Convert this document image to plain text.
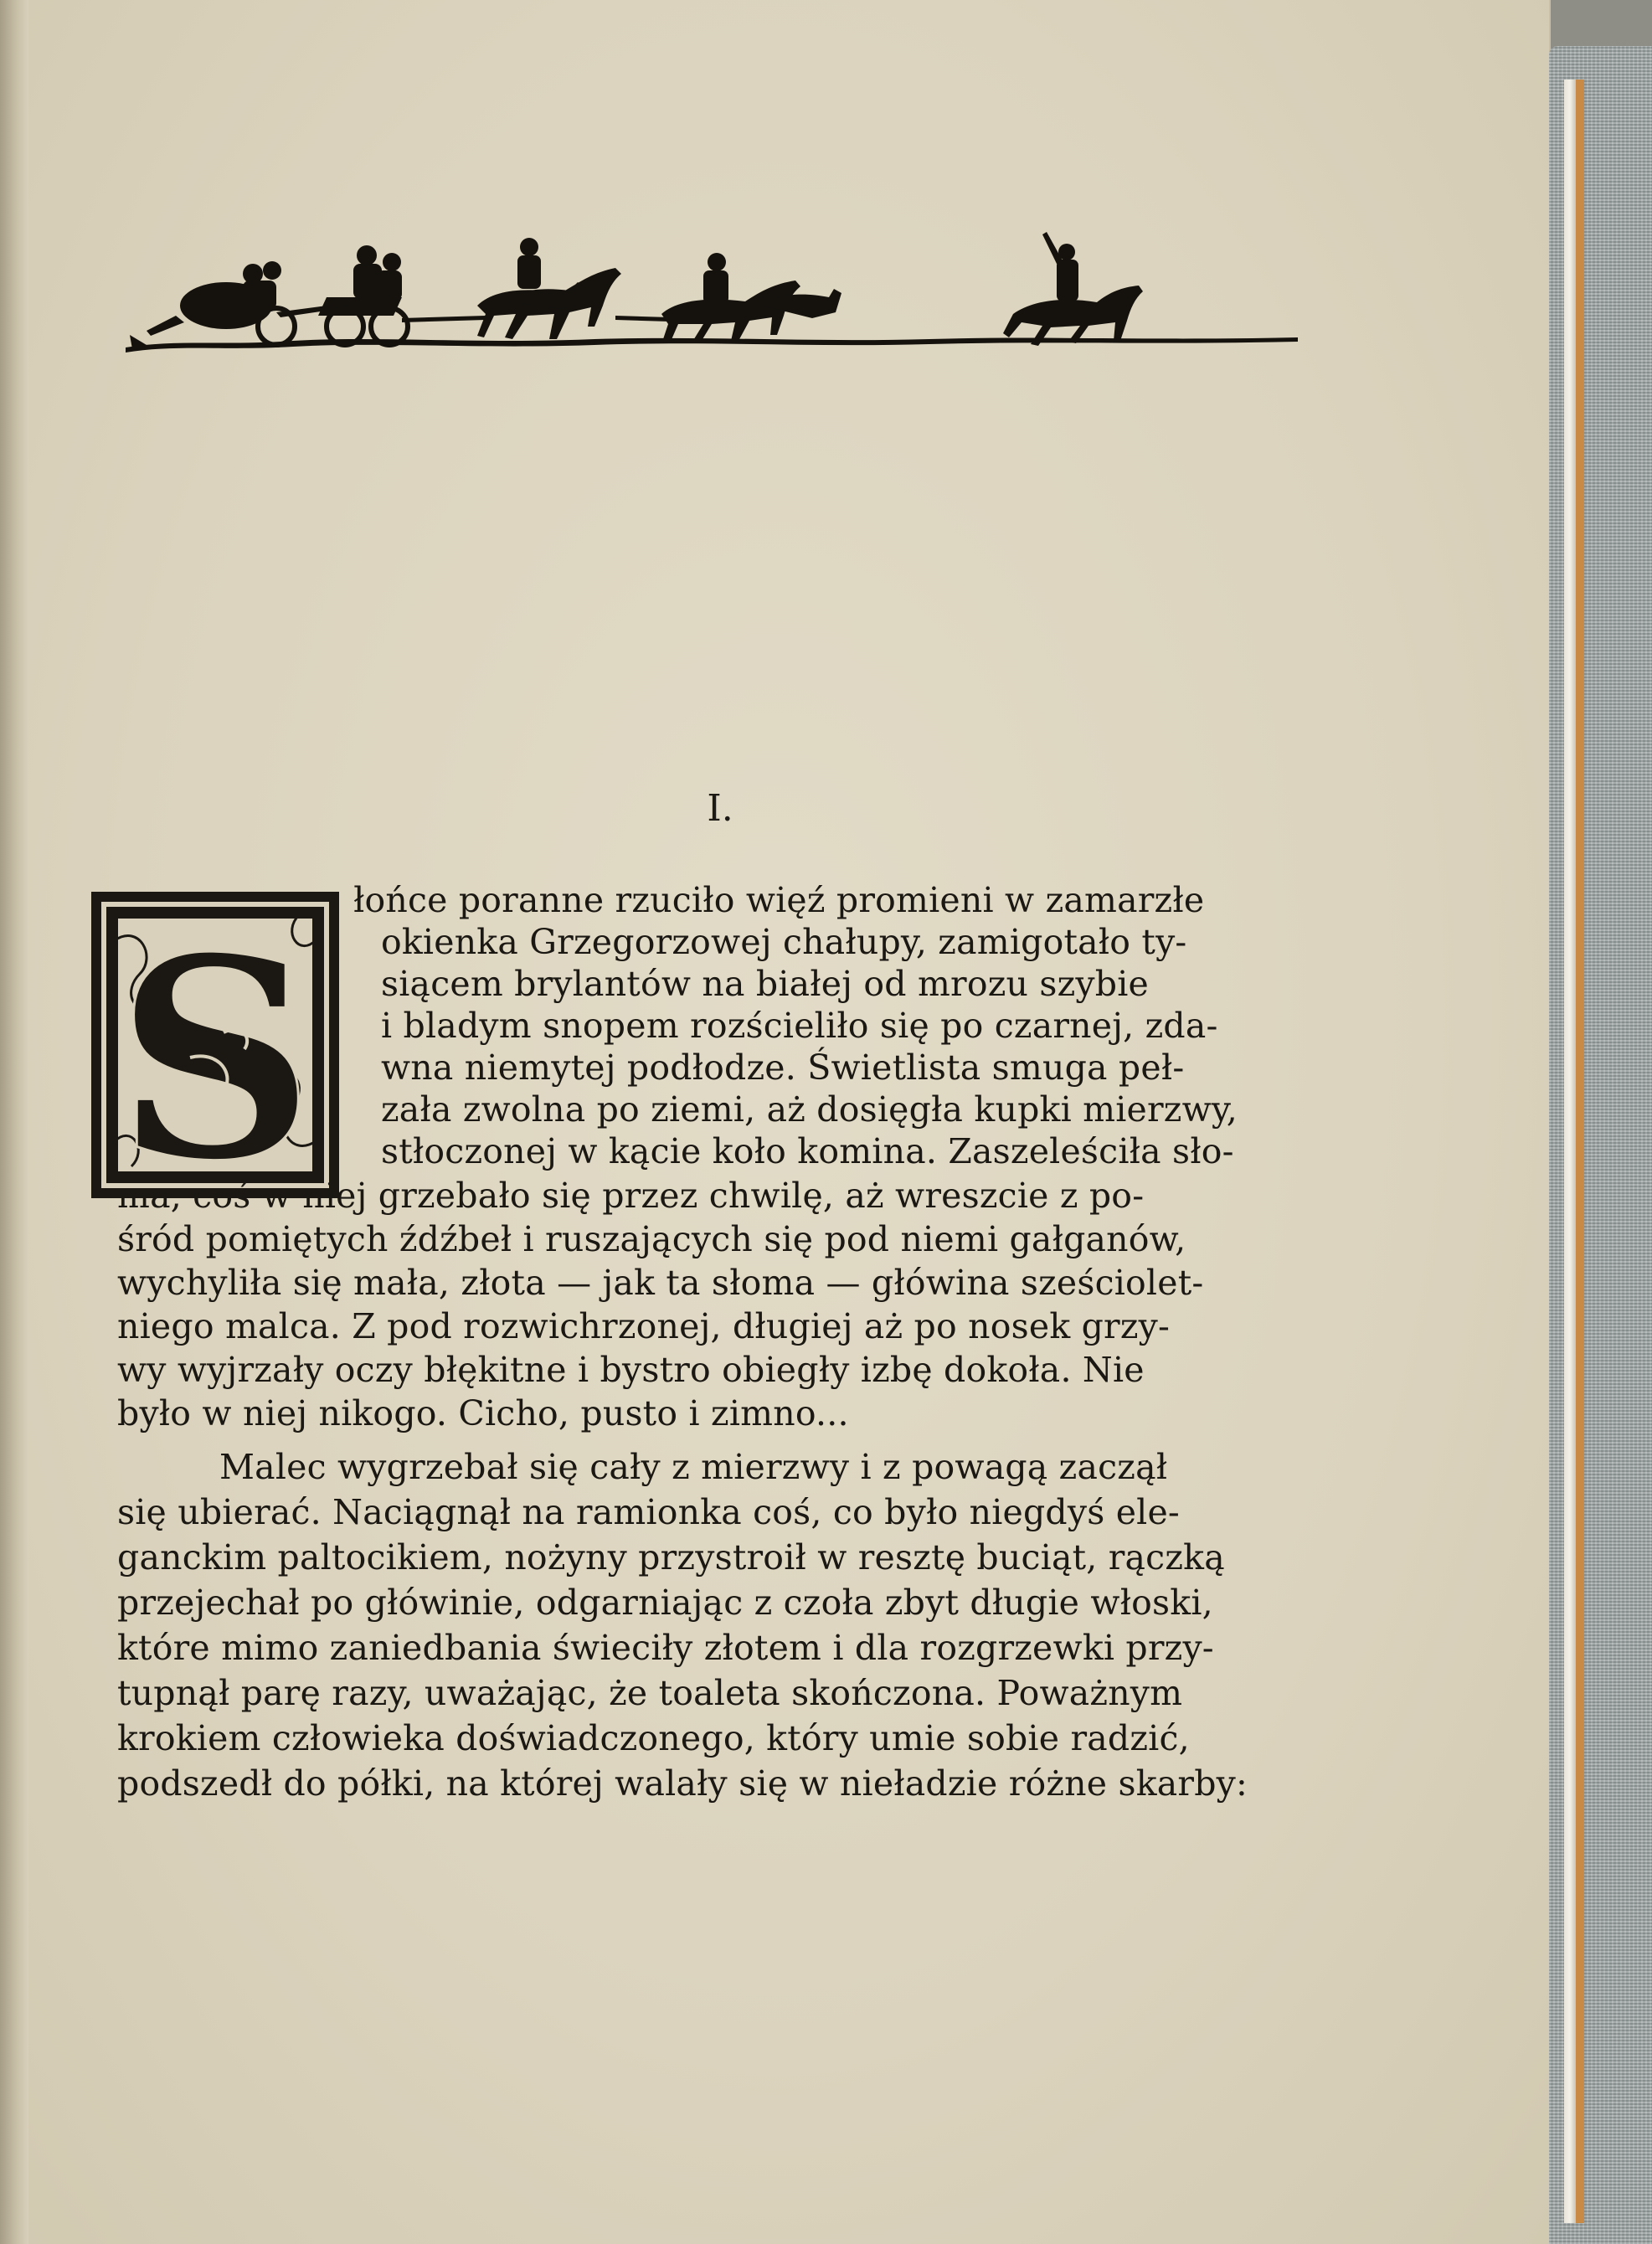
I.
S łońce poranne rzuciło więź promieni w zamarzłe
okienka Grzegorzowej chałupy, zamigotało ty-
siącem brylantów na białej od mrozu szybie
i bladym snopem rozścieliło się po czarnej, zda-
wna niemytej podłodze. Świetlista smuga peł-
zała zwolna po ziemi, aż dosięgła kupki mierzwy,
stłoczonej w kącie koło komina. Zaszeleściła sło-
ma, coś w niej grzebało się przez chwilę, aż wreszcie z po-
śród pomiętych źdźbeł i ruszających się pod niemi gałganów,
wychyliła się mała, złota — jak ta słoma — główina sześciolet-
niego malca. Z pod rozwichrzonej, długiej aż po nosek grzy-
wy wyjrzały oczy błękitne i bystro obiegły izbę dokoła. Nie
było w niej nikogo. Cicho, pusto i zimno...
Malec wygrzebał się cały z mierzwy i z powagą zaczął
się ubierać. Naciągnął na ramionka coś, co było niegdyś ele-
ganckim paltocikiem, nożyny przystroił w resztę buciąt, rączką
przejechał po główinie, odgarniając z czoła zbyt długie włoski,
które mimo zaniedbania świeciły złotem i dla rozgrzewki przy-
tupnął parę razy, uważając, że toaleta skończona. Poważnym
krokiem człowieka doświadczonego, który umie sobie radzić,
podszedł do półki, na której walały się w nieładzie różne skarby:
